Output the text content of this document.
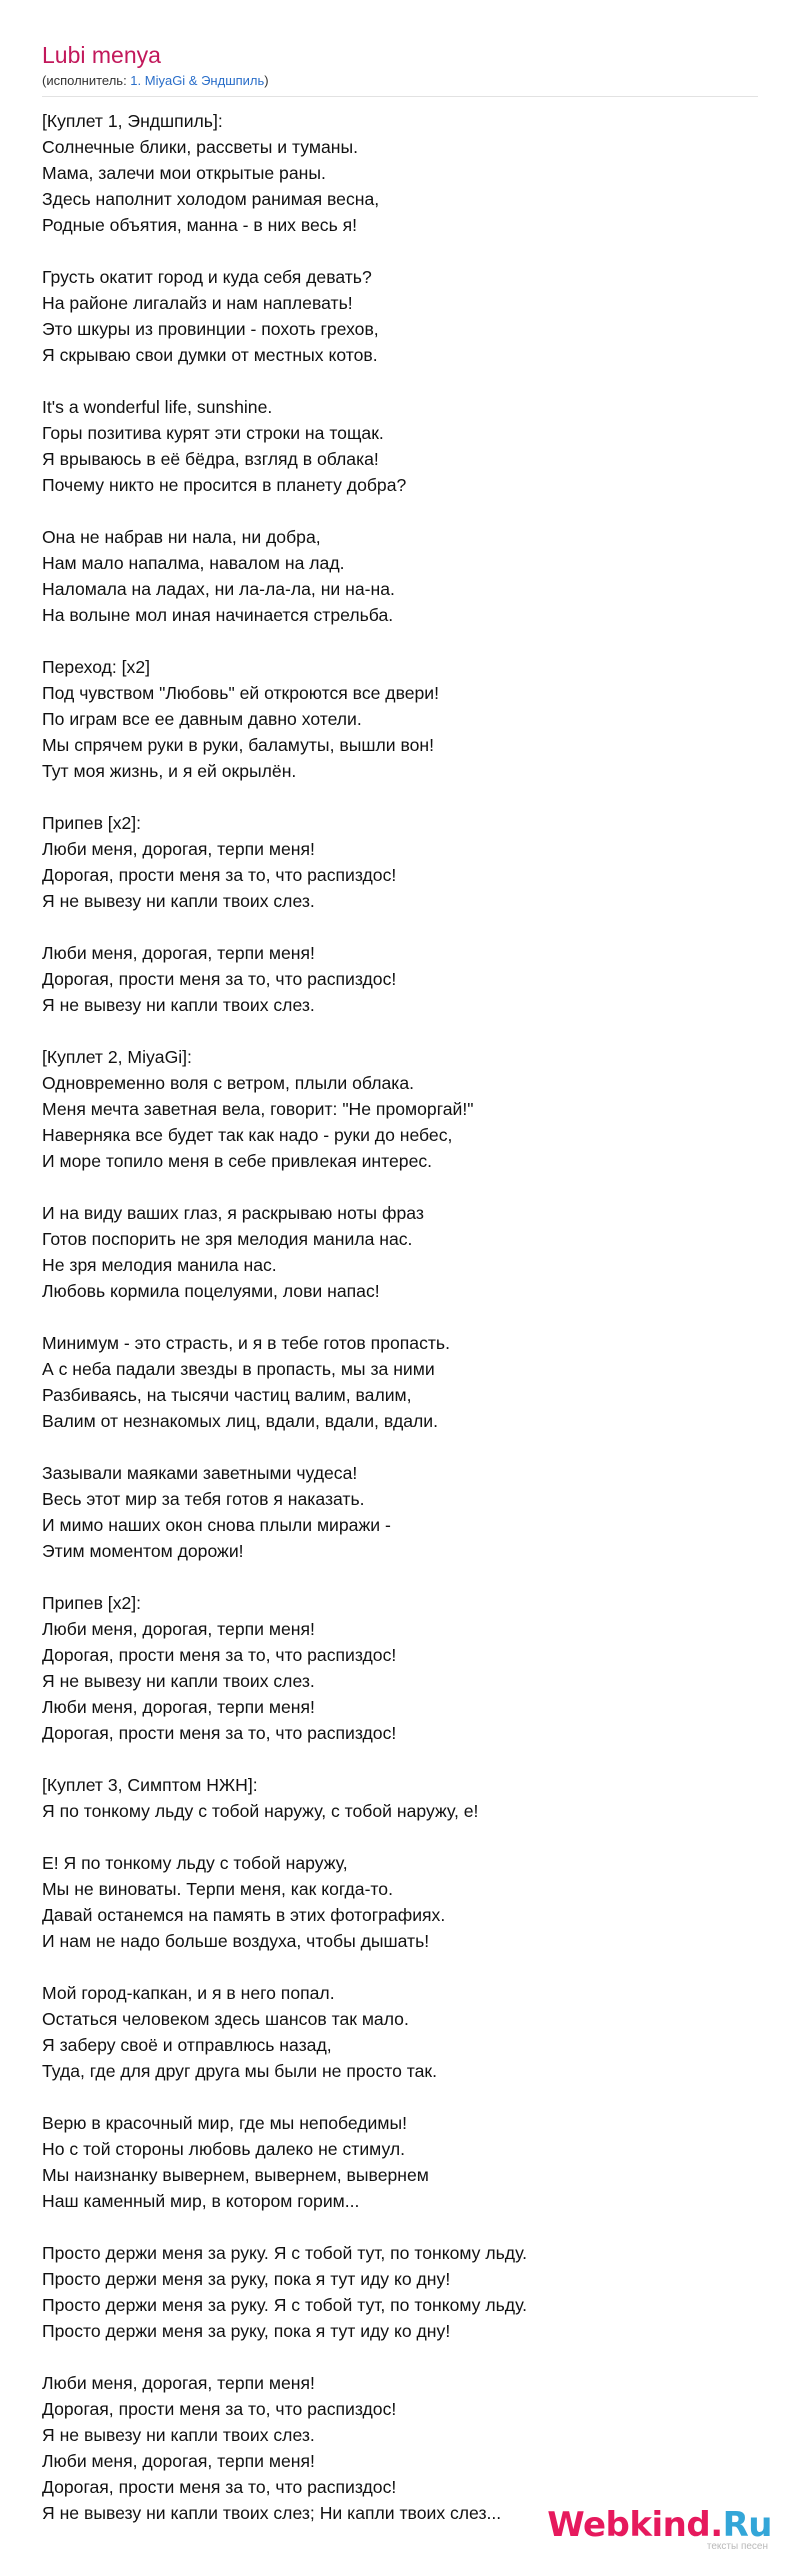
Lubi menya
(исполнитель: 1. MiyaGi & Эндшпиль)
[Куплет 1, Эндшпиль]:
Солнечные блики, рассветы и туманы.
Мама, залечи мои открытые раны.
Здесь наполнит холодом ранимая весна,
Родные объятия, манна - в них весь я!
Грусть окатит город и куда себя девать?
На районе лигалайз и нам наплевать!
Это шкуры из провинции - похоть грехов,
Я скрываю свои думки от местных котов.
It's a wonderful life, sunshine.
Горы позитива курят эти строки на тощак.
Я врываюсь в её бёдра, взгляд в облака!
Почему никто не просится в планету добра?
Она не набрав ни нала, ни добра,
Нам мало напалма, навалом на лад.
Наломала на ладах, ни ла-ла-ла, ни на-на.
На волыне мол иная начинается стрельба.
Переход: [x2]
Под чувством "Любовь" ей откроются все двери!
По играм все ее давным давно хотели.
Мы спрячем руки в руки, баламуты, вышли вон!
Тут моя жизнь, и я ей окрылён.
Припев [x2]:
Люби меня, дорогая, терпи меня!
Дорогая, прости меня за то, что распиздос!
Я не вывезу ни капли твоих слез.
Люби меня, дорогая, терпи меня!
Дорогая, прости меня за то, что распиздос!
Я не вывезу ни капли твоих слез.
[Куплет 2, MiyaGi]:
Одновременно воля с ветром, плыли облака.
Меня мечта заветная вела, говорит: "Не проморгай!"
Наверняка все будет так как надо - руки до небес,
И море топило меня в себе привлекая интерес.
И на виду ваших глаз, я раскрываю ноты фраз
Готов поспорить не зря мелодия манила нас.
Не зря мелодия манила нас.
Любовь кормила поцелуями, лови напас!
Минимум - это страсть, и я в тебе готов пропасть.
А с неба падали звезды в пропасть, мы за ними
Разбиваясь, на тысячи частиц валим, валим,
Валим от незнакомых лиц, вдали, вдали, вдали.
Зазывали маяками заветными чудеса!
Весь этот мир за тебя готов я наказать.
И мимо наших окон снова плыли миражи -
Этим моментом дорожи!
Припев [x2]:
Люби меня, дорогая, терпи меня!
Дорогая, прости меня за то, что распиздос!
Я не вывезу ни капли твоих слез.
Люби меня, дорогая, терпи меня!
Дорогая, прости меня за то, что распиздос!
[Куплет 3, Симптом НЖН]:
Я по тонкому льду с тобой наружу, с тобой наружу, е!
Е! Я по тонкому льду с тобой наружу,
Мы не виноваты. Терпи меня, как когда-то.
Давай останемся на память в этих фотографиях.
И нам не надо больше воздуха, чтобы дышать!
Мой город-капкан, и я в него попал.
Остаться человеком здесь шансов так мало.
Я заберу своё и отправлюсь назад,
Туда, где для друг друга мы были не просто так.
Верю в красочный мир, где мы непобедимы!
Но с той стороны любовь далеко не стимул.
Мы наизнанку вывернем, вывернем, вывернем
Наш каменный мир, в котором горим...
Просто держи меня за руку. Я с тобой тут, по тонкому льду.
Просто держи меня за руку, пока я тут иду ко дну!
Просто держи меня за руку. Я с тобой тут, по тонкому льду.
Просто держи меня за руку, пока я тут иду ко дну!
Люби меня, дорогая, терпи меня!
Дорогая, прости меня за то, что распиздос!
Я не вывезу ни капли твоих слез.
Люби меня, дорогая, терпи меня!
Дорогая, прости меня за то, что распиздос!
Я не вывезу ни капли твоих слез; Ни капли твоих слез...	Webkind.Ru
тексты песен
